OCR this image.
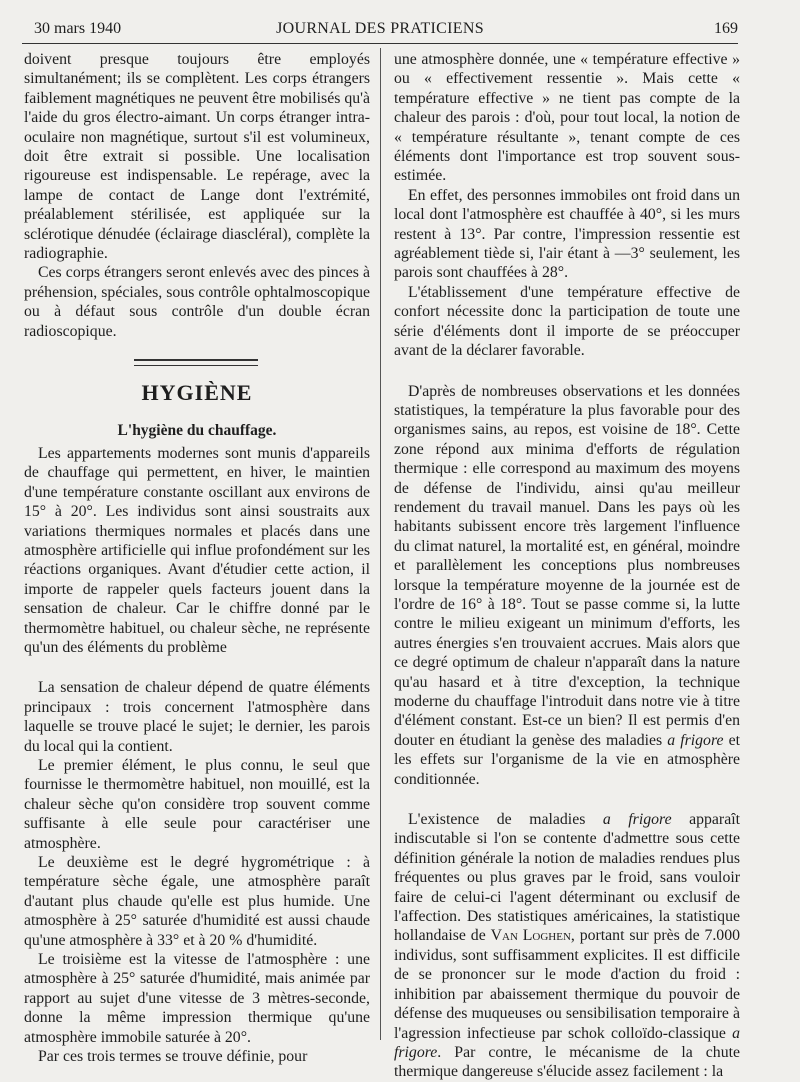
30 mars 1940	JOURNAL DES PRATICIENS	169

doivent presque toujours être employés simultanément; ils se complètent. Les corps étrangers faiblement magnétiques ne peuvent être mobilisés qu'à l'aide du gros électro-aimant. Un corps étranger intra-oculaire non magnétique, surtout s'il est volumineux, doit être extrait si possible. Une localisation rigoureuse est indispensable. Le repérage, avec la lampe de contact de Lange dont l'extrémité, préalablement stérilisée, est appliquée sur la sclérotique dénudée (éclairage diascléral), complète la radiographie.

Ces corps étrangers seront enlevés avec des pinces à préhension, spéciales, sous contrôle ophtalmoscopique ou à défaut sous contrôle d'un double écran radioscopique.

HYGIÈNE
L'hygiène du chauffage.

Les appartements modernes sont munis d'appareils de chauffage qui permettent, en hiver, le maintien d'une température constante oscillant aux environs de 15° à 20°. Les individus sont ainsi soustraits aux variations thermiques normales et placés dans une atmosphère artificielle qui influe profondément sur les réactions organiques. Avant d'étudier cette action, il importe de rappeler quels facteurs jouent dans la sensation de chaleur. Car le chiffre donné par le thermomètre habituel, ou chaleur sèche, ne représente qu'un des éléments du problème

La sensation de chaleur dépend de quatre éléments principaux : trois concernent l'atmosphère dans laquelle se trouve placé le sujet; le dernier, les parois du local qui la contient.

Le premier élément, le plus connu, le seul que fournisse le thermomètre habituel, non mouillé, est la chaleur sèche qu'on considère trop souvent comme suffisante à elle seule pour caractériser une atmosphère.

Le deuxième est le degré hygrométrique : à température sèche égale, une atmosphère paraît d'autant plus chaude qu'elle est plus humide. Une atmosphère à 25° saturée d'humidité est aussi chaude qu'une atmosphère à 33° et à 20 % d'humidité.

Le troisième est la vitesse de l'atmosphère : une atmosphère à 25° saturée d'humidité, mais animée par rapport au sujet d'une vitesse de 3 mètres-seconde, donne la même impression thermique qu'une atmosphère immobile saturée à 20°.

Par ces trois termes se trouve définie, pour

une atmosphère donnée, une « température effective » ou « effectivement ressentie ». Mais cette « température effective » ne tient pas compte de la chaleur des parois : d'où, pour tout local, la notion de « température résultante », tenant compte de ces éléments dont l'importance est trop souvent sous-estimée.

En effet, des personnes immobiles ont froid dans un local dont l'atmosphère est chauffée à 40°, si les murs restent à 13°. Par contre, l'impression ressentie est agréablement tiède si, l'air étant à —3° seulement, les parois sont chauffées à 28°.

L'établissement d'une température effective de confort nécessite donc la participation de toute une série d'éléments dont il importe de se préoccuper avant de la déclarer favorable.

D'après de nombreuses observations et les données statistiques, la température la plus favorable pour des organismes sains, au repos, est voisine de 18°. Cette zone répond aux minima d'efforts de régulation thermique : elle correspond au maximum des moyens de défense de l'individu, ainsi qu'au meilleur rendement du travail manuel. Dans les pays où les habitants subissent encore très largement l'influence du climat naturel, la mortalité est, en général, moindre et parallèlement les conceptions plus nombreuses lorsque la température moyenne de la journée est de l'ordre de 16° à 18°. Tout se passe comme si, la lutte contre le milieu exigeant un minimum d'efforts, les autres énergies s'en trouvaient accrues. Mais alors que ce degré optimum de chaleur n'apparaît dans la nature qu'au hasard et à titre d'exception, la technique moderne du chauffage l'introduit dans notre vie à titre d'élément constant. Est-ce un bien? Il est permis d'en douter en étudiant la genèse des maladies a frigore et les effets sur l'organisme de la vie en atmosphère conditionnée.

L'existence de maladies a frigore apparaît indiscutable si l'on se contente d'admettre sous cette définition générale la notion de maladies rendues plus fréquentes ou plus graves par le froid, sans vouloir faire de celui-ci l'agent déterminant ou exclusif de l'affection. Des statistiques américaines, la statistique hollandaise de Van Loghen, portant sur près de 7.000 individus, sont suffisamment explicites. Il est difficile de se prononcer sur le mode d'action du froid : inhibition par abaissement thermique du pouvoir de défense des muqueuses ou sensibilisation temporaire à l'agression infectieuse par schok colloïdo-classique a frigore. Par contre, le mécanisme de la chute thermique dangereuse s'élucide assez facilement : la
